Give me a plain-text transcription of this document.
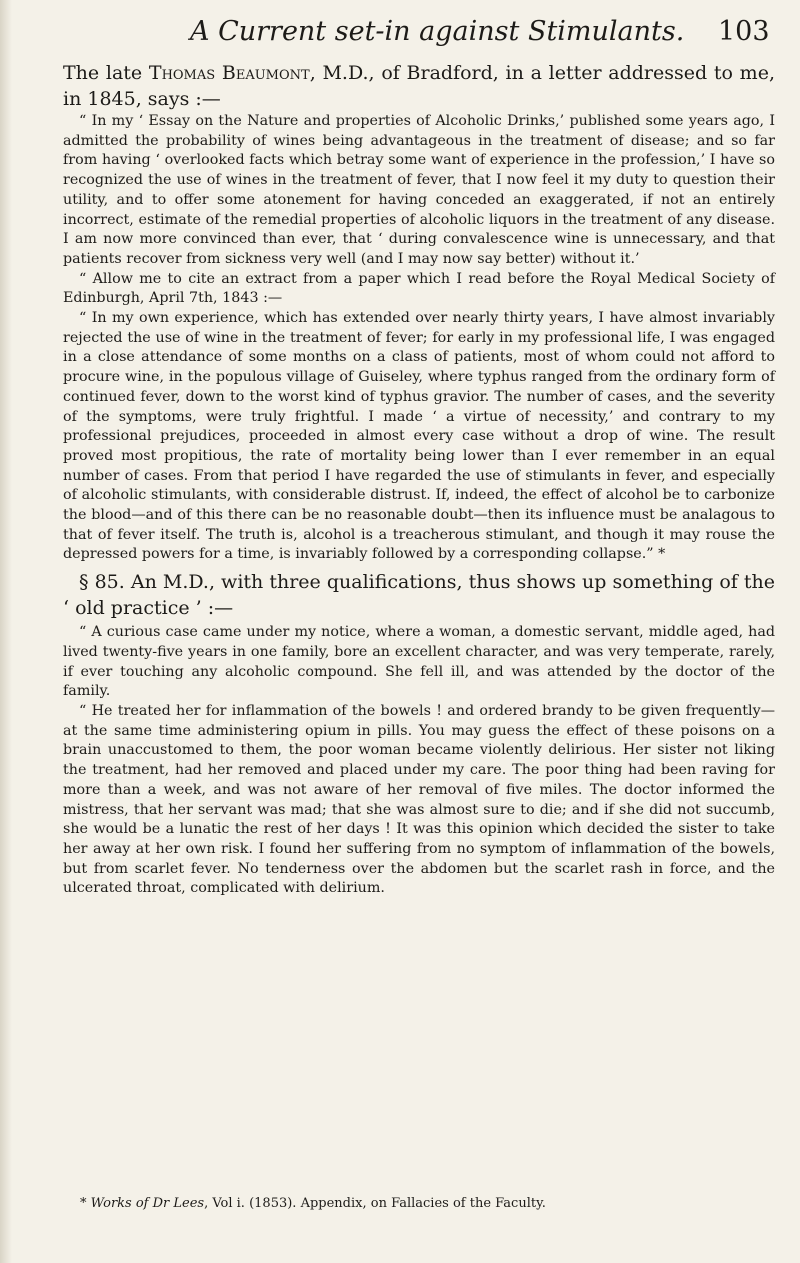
A Current set-in against Stimulants. 103

The late Thomas Beaumont, M.D., of Bradford, in a letter addressed to me, in 1845, says :—

“ In my ‘ Essay on the Nature and properties of Alcoholic Drinks,’ published some years ago, I admitted the probability of wines being advantageous in the treatment of disease; and so far from having ‘ overlooked facts which betray some want of experience in the profession,’ I have so recognized the use of wines in the treatment of fever, that I now feel it my duty to question their utility, and to offer some atonement for having conceded an exaggerated, if not an entirely incorrect, estimate of the remedial properties of alcoholic liquors in the treatment of any disease. I am now more convinced than ever, that ‘ during convalescence wine is unnecessary, and that patients recover from sickness very well (and I may now say better) without it.’

“ Allow me to cite an extract from a paper which I read before the Royal Medical Society of Edinburgh, April 7th, 1843 :—

“ In my own experience, which has extended over nearly thirty years, I have almost invariably rejected the use of wine in the treatment of fever; for early in my professional life, I was engaged in a close attendance of some months on a class of patients, most of whom could not afford to procure wine, in the populous village of Guiseley, where typhus ranged from the ordinary form of continued fever, down to the worst kind of typhus gravior. The number of cases, and the severity of the symptoms, were truly frightful. I made ‘ a virtue of necessity,’ and contrary to my professional prejudices, proceeded in almost every case without a drop of wine. The result proved most propitious, the rate of mortality being lower than I ever remember in an equal number of cases. From that period I have regarded the use of stimulants in fever, and especially of alcoholic stimulants, with considerable distrust. If, indeed, the effect of alcohol be to carbonize the blood—and of this there can be no reasonable doubt—then its influence must be analagous to that of fever itself. The truth is, alcohol is a treacherous stimulant, and though it may rouse the depressed powers for a time, is invariably followed by a corresponding collapse.” *

§ 85. An M.D., with three qualifications, thus shows up something of the ‘ old practice ’ :—

“ A curious case came under my notice, where a woman, a domestic servant, middle aged, had lived twenty-five years in one family, bore an excellent character, and was very temperate, rarely, if ever touching any alcoholic compound. She fell ill, and was attended by the doctor of the family.

“ He treated her for inflammation of the bowels ! and ordered brandy to be given frequently—at the same time administering opium in pills. You may guess the effect of these poisons on a brain unaccustomed to them, the poor woman became violently delirious. Her sister not liking the treatment, had her removed and placed under my care. The poor thing had been raving for more than a week, and was not aware of her removal of five miles. The doctor informed the mistress, that her servant was mad; that she was almost sure to die; and if she did not succumb, she would be a lunatic the rest of her days ! It was this opinion which decided the sister to take her away at her own risk. I found her suffering from no symptom of inflammation of the bowels, but from scarlet fever. No tenderness over the abdomen but the scarlet rash in force, and the ulcerated throat, complicated with delirium.

* Works of Dr Lees, Vol i. (1853). Appendix, on Fallacies of the Faculty.
